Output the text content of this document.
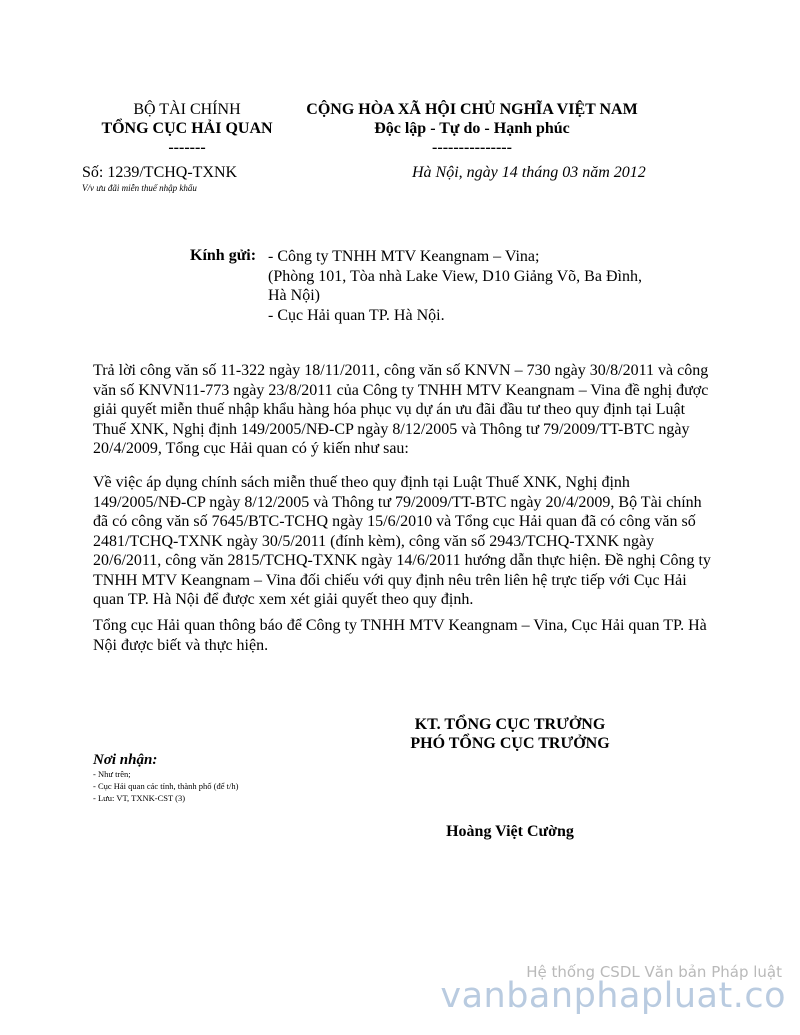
BỘ TÀI CHÍNH
TỔNG CỤC HẢI QUAN
-------
CỘNG HÒA XÃ HỘI CHỦ NGHĨA VIỆT NAM
Độc lập - Tự do - Hạnh phúc
---------------
Số: 1239/TCHQ-TXNK
V/v ưu đãi miễn thuế nhập khẩu
Hà Nội, ngày 14 tháng 03 năm 2012
Kính gửi: - Công ty TNHH MTV Keangnam – Vina;
(Phòng 101, Tòa nhà Lake View, D10 Giảng Võ, Ba Đình,
Hà Nội)
- Cục Hải quan TP. Hà Nội.
Trả lời công văn số 11-322 ngày 18/11/2011, công văn số KNVN – 730 ngày 30/8/2011 và công văn số KNVN11-773 ngày 23/8/2011 của Công ty TNHH MTV Keangnam – Vina đề nghị được giải quyết miễn thuế nhập khẩu hàng hóa phục vụ dự án ưu đãi đầu tư theo quy định tại Luật Thuế XNK, Nghị định 149/2005/NĐ-CP ngày 8/12/2005 và Thông tư 79/2009/TT-BTC ngày 20/4/2009, Tổng cục Hải quan có ý kiến như sau:
Về việc áp dụng chính sách miễn thuế theo quy định tại Luật Thuế XNK, Nghị định 149/2005/NĐ-CP ngày 8/12/2005 và Thông tư 79/2009/TT-BTC ngày 20/4/2009, Bộ Tài chính đã có công văn số 7645/BTC-TCHQ ngày 15/6/2010 và Tổng cục Hải quan đã có công văn số 2481/TCHQ-TXNK ngày 30/5/2011 (đính kèm), công văn số 2943/TCHQ-TXNK ngày 20/6/2011, công văn 2815/TCHQ-TXNK ngày 14/6/2011 hướng dẫn thực hiện. Đề nghị Công ty TNHH MTV Keangnam – Vina đối chiếu với quy định nêu trên liên hệ trực tiếp với Cục Hải quan TP. Hà Nội để được xem xét giải quyết theo quy định.
Tổng cục Hải quan thông báo để Công ty TNHH MTV Keangnam – Vina, Cục Hải quan TP. Hà Nội được biết và thực hiện.
KT. TỔNG CỤC TRƯỞNG
PHÓ TỔNG CỤC TRƯỞNG
Hoàng Việt Cường
Nơi nhận:
- Như trên;
- Cục Hải quan các tỉnh, thành phố (để t/h)
- Lưu: VT, TXNK-CST (3)
Hệ thống CSDL Văn bản Pháp luật
vanbanphapluat.co
